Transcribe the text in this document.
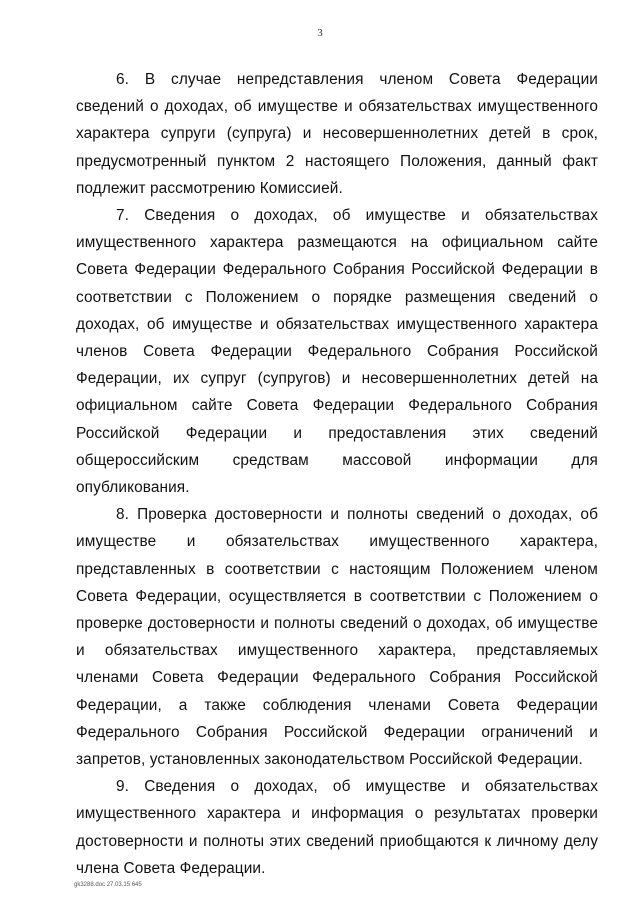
3

6. В случае непредставления членом Совета Федерации сведений о доходах, об имуществе и обязательствах имущественного характера супруги (супруга) и несовершеннолетних детей в срок, предусмотренный пунктом 2 настоящего Положения, данный факт подлежит рассмотрению Комиссией.

7. Сведения о доходах, об имуществе и обязательствах имущественного характера размещаются на официальном сайте Совета Федерации Федерального Собрания Российской Федерации в соответствии с Положением о порядке размещения сведений о доходах, об имуществе и обязательствах имущественного характера членов Совета Федерации Федерального Собрания Российской Федерации, их супруг (супругов) и несовершеннолетних детей на официальном сайте Совета Федерации Федерального Собрания Российской Федерации и предоставления этих сведений общероссийским средствам массовой информации для опубликования.

8. Проверка достоверности и полноты сведений о доходах, об имуществе и обязательствах имущественного характера, представленных в соответствии с настоящим Положением членом Совета Федерации, осуществляется в соответствии с Положением о проверке достоверности и полноты сведений о доходах, об имуществе и обязательствах имущественного характера, представляемых членами Совета Федерации Федерального Собрания Российской Федерации, а также соблюдения членами Совета Федерации Федерального Собрания Российской Федерации ограничений и запретов, установленных законодательством Российской Федерации.

9. Сведения о доходах, об имуществе и обязательствах имущественного характера и информация о результатах проверки достоверности и полноты этих сведений приобщаются к личному делу члена Совета Федерации.

gk3288.doc 27.03.15 645
